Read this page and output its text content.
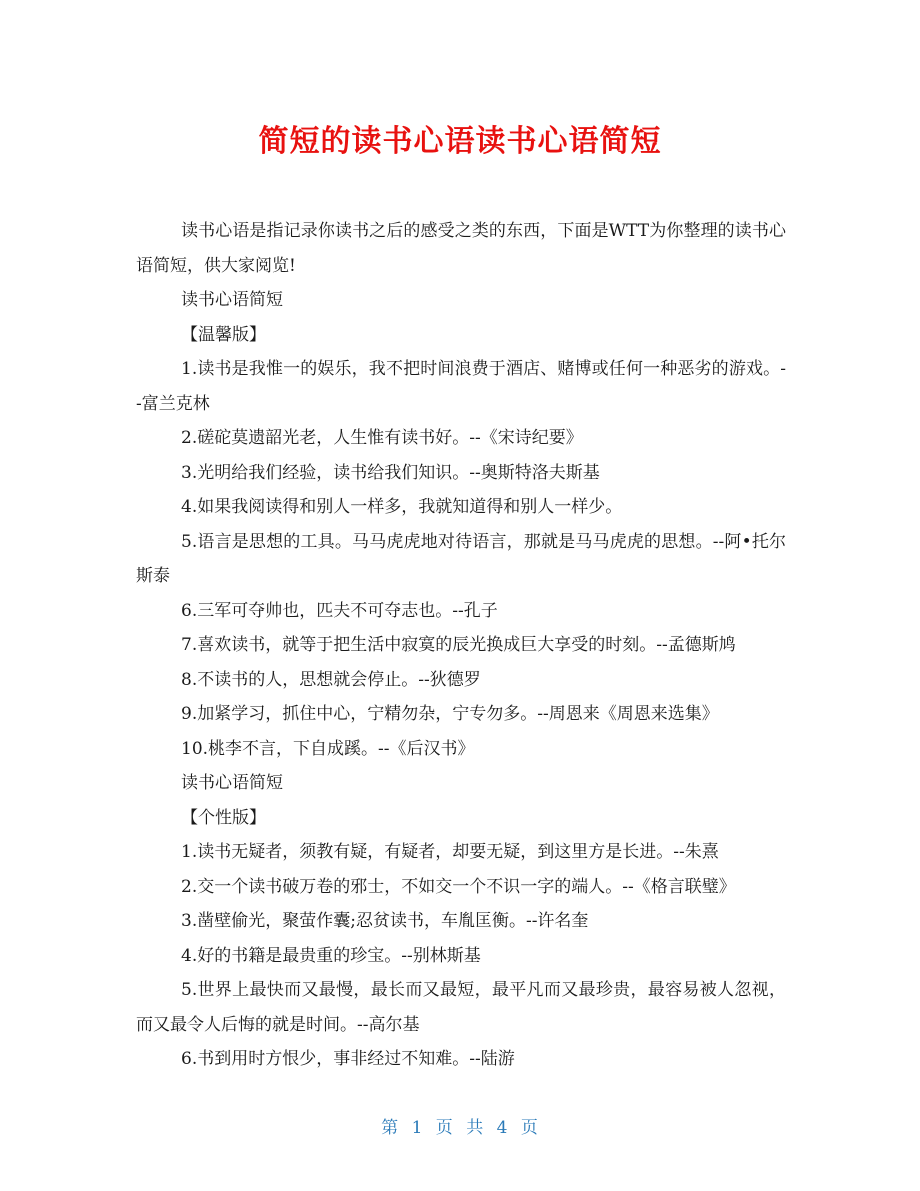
简短的读书心语读书心语简短

读书心语是指记录你读书之后的感受之类的东西，下面是WTT为你整理的读书心语简短，供大家阅览!

读书心语简短

【温馨版】

1.读书是我惟一的娱乐，我不把时间浪费于酒店、赌博或任何一种恶劣的游戏。--富兰克林

2.磋砣莫遗韶光老，人生惟有读书好。--《宋诗纪要》

3.光明给我们经验，读书给我们知识。--奥斯特洛夫斯基

4.如果我阅读得和别人一样多，我就知道得和别人一样少。

5.语言是思想的工具。马马虎虎地对待语言，那就是马马虎虎的思想。--阿•托尔斯泰

6.三军可夺帅也，匹夫不可夺志也。--孔子

7.喜欢读书，就等于把生活中寂寞的辰光换成巨大享受的时刻。--孟德斯鸠

8.不读书的人，思想就会停止。--狄德罗

9.加紧学习，抓住中心，宁精勿杂，宁专勿多。--周恩来《周恩来选集》

10.桃李不言，下自成蹊。--《后汉书》

读书心语简短

【个性版】

1.读书无疑者，须教有疑，有疑者，却要无疑，到这里方是长进。--朱熹

2.交一个读书破万卷的邪士，不如交一个不识一字的端人。--《格言联璧》

3.凿壁偷光，聚萤作囊;忍贫读书，车胤匡衡。--许名奎

4.好的书籍是最贵重的珍宝。--别林斯基

5.世界上最快而又最慢，最长而又最短，最平凡而又最珍贵，最容易被人忽视，而又最令人后悔的就是时间。--高尔基

6.书到用时方恨少，事非经过不知难。--陆游

第 1 页 共 4 页
